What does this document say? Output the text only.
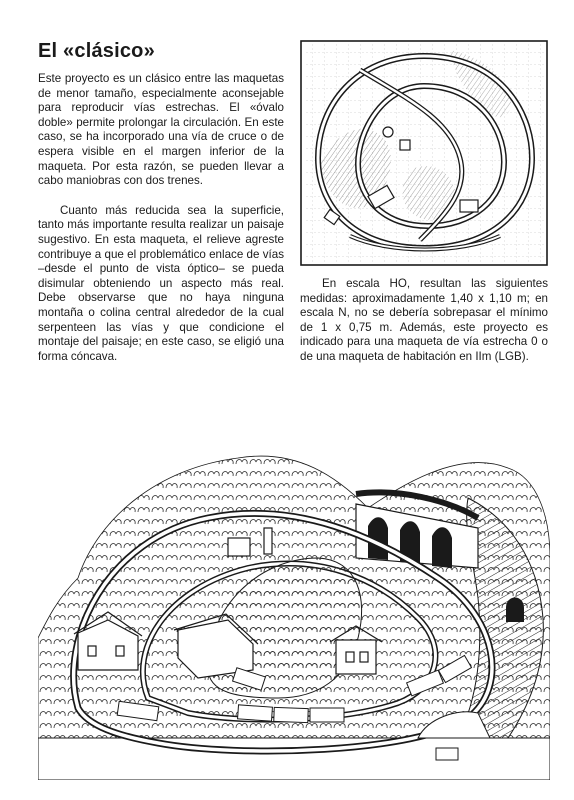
El «clásico»

Este proyecto es un clásico entre las maquetas de menor tamaño, especialmente aconsejable para reproducir vías estrechas. El «óvalo doble» permite prolongar la circulación. En este caso, se ha incorporado una vía de cruce o de espera visible en el margen inferior de la maqueta. Por esta razón, se pueden llevar a cabo maniobras con dos trenes.

Cuanto más reducida sea la superficie, tanto más importante resulta realizar un paisaje sugestivo. En esta maqueta, el relieve agreste contribuye a que el problemático enlace de vías –desde el punto de vista óptico– se pueda disimular obteniendo un aspecto más real. Debe observarse que no haya ninguna montaña o colina central alrededor de la cual serpenteen las vías y que condicione el montaje del paisaje; en este caso, se eligió una forma cóncava.

En escala HO, resultan las siguientes medidas: aproximadamente 1,40 x 1,10 m; en escala N, no se debería sobrepasar el mínimo de 1 x 0,75 m. Además, este proyecto es indicado para una maqueta de vía estrecha 0 o de una maqueta de habitación en IIm (LGB).
